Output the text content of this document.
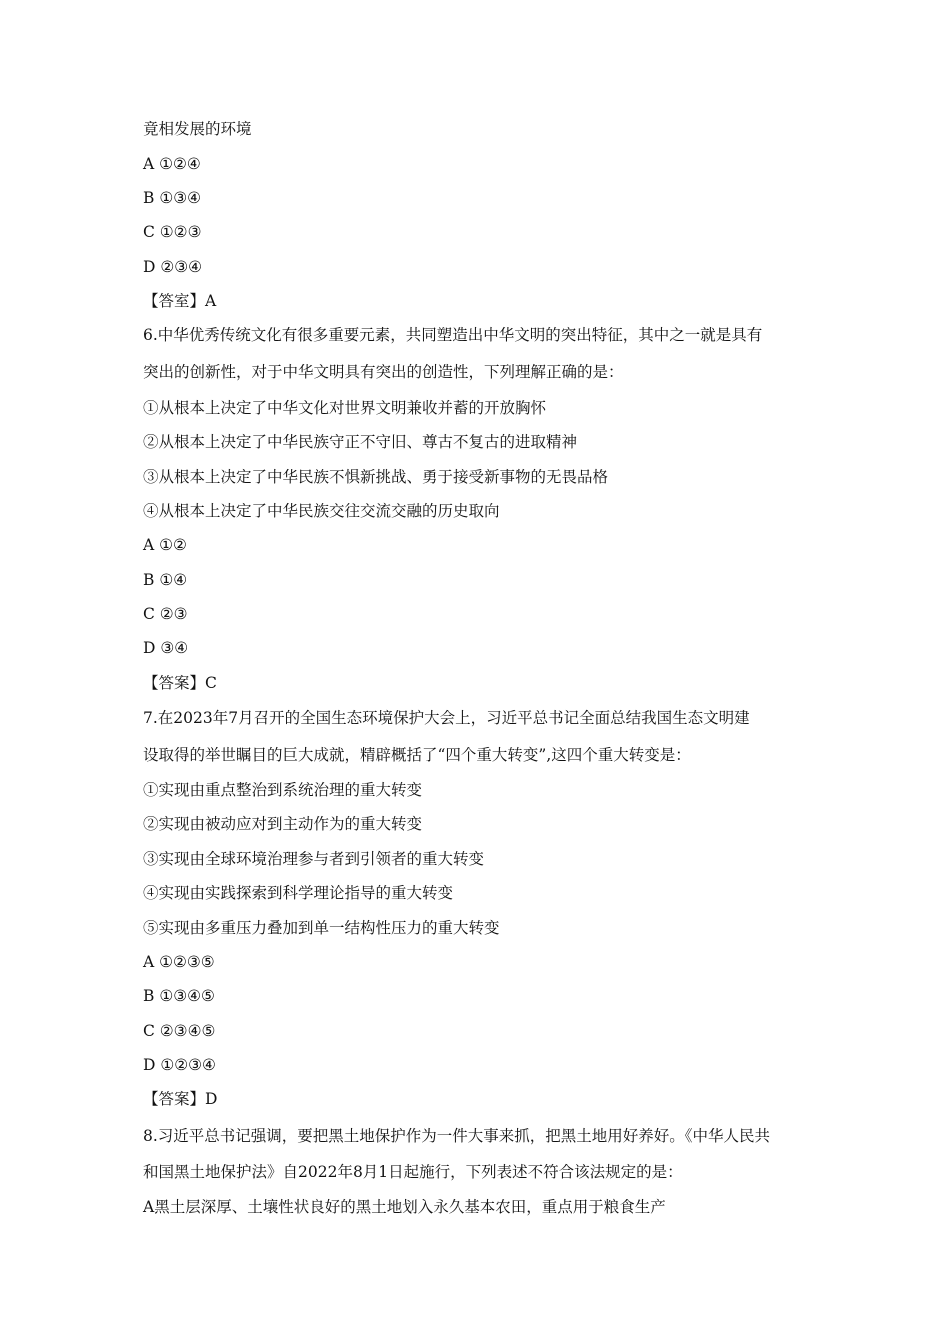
竟相发展的环境
A ①②④
B ①③④
C ①②③
D ②③④
【答室】A
6.中华优秀传统文化有很多重要元素，共同塑造出中华文明的突出特征，其中之一就是具有
突出的创新性，对于中华文明具有突出的创造性，下列理解正确的是：
①从根本上决定了中华文化对世界文明兼收并蓄的开放胸怀
②从根本上决定了中华民族守正不守旧、尊古不复古的进取精神
③从根本上决定了中华民族不惧新挑战、勇于接受新事物的无畏品格
④从根本上决定了中华民族交往交流交融的历史取向
A ①②
B ①④
C ②③
D ③④
【答案】C
7.在2023年7月召开的全国生态环境保护大会上，习近平总书记全面总结我国生态文明建
设取得的举世瞩目的巨大成就，精辟概括了“四个重大转变”,这四个重大转变是：
①实现由重点整治到系统治理的重大转变
②实现由被动应对到主动作为的重大转变
③实现由全球环境治理参与者到引领者的重大转变
④实现由实践探索到科学理论指导的重大转变
⑤实现由多重压力叠加到单一结构性压力的重大转变
A ①②③⑤
B ①③④⑤
C ②③④⑤
D ①②③④
【答案】D
8.习近平总书记强调，要把黑土地保护作为一件大事来抓，把黑土地用好养好。《中华人民共
和国黑土地保护法》自2022年8月1日起施行，下列表述不符合该法规定的是：
A黑土层深厚、土壤性状良好的黑土地划入永久基本农田，重点用于粮食生产
